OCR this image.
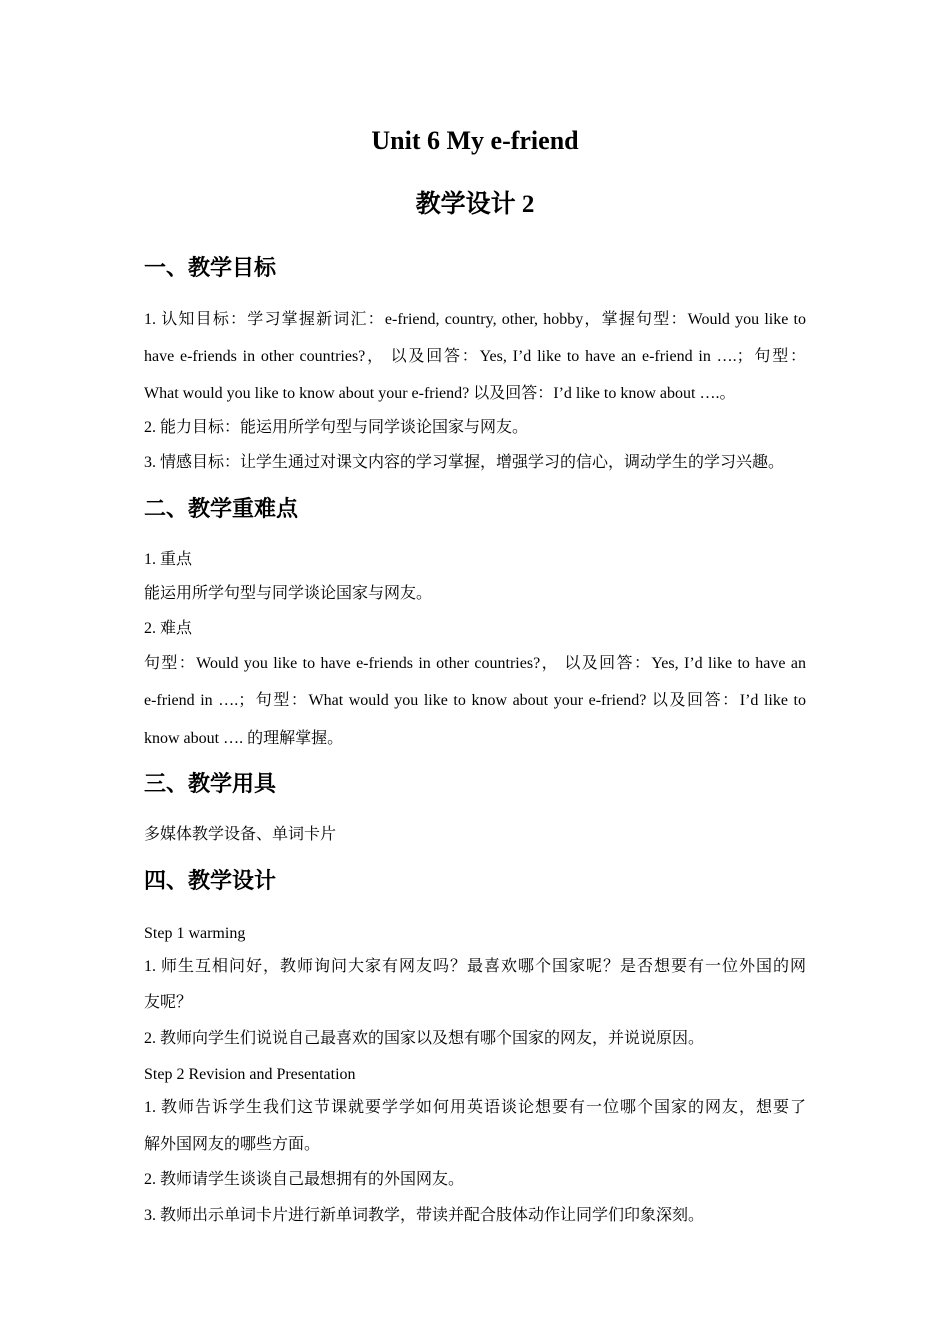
Unit 6 My e-friend
教学设计 2
一、教学目标
1. 认知目标：学习掌握新词汇：e-friend, country, other, hobby，掌握句型：Would you like to
have e-friends in other countries?， 以及回答：Yes, I’d like to have an e-friend in ….；句型：
What would you like to know about your e-friend? 以及回答：I’d like to know about ….。
2. 能力目标：能运用所学句型与同学谈论国家与网友。
3. 情感目标：让学生通过对课文内容的学习掌握，增强学习的信心，调动学生的学习兴趣。
二、教学重难点
1. 重点
能运用所学句型与同学谈论国家与网友。
2. 难点
句型：Would you like to have e-friends in other countries?， 以及回答：Yes, I’d like to have an
e-friend in ….；句型：What would you like to know about your e-friend? 以及回答：I’d like to
know about …. 的理解掌握。
三、教学用具
多媒体教学设备、单词卡片
四、教学设计
Step 1 warming
1. 师生互相问好，教师询问大家有网友吗？最喜欢哪个国家呢？是否想要有一位外国的网
友呢？
2. 教师向学生们说说自己最喜欢的国家以及想有哪个国家的网友，并说说原因。
Step 2 Revision and Presentation
1. 教师告诉学生我们这节课就要学学如何用英语谈论想要有一位哪个国家的网友，想要了
解外国网友的哪些方面。
2. 教师请学生谈谈自己最想拥有的外国网友。
3. 教师出示单词卡片进行新单词教学，带读并配合肢体动作让同学们印象深刻。
